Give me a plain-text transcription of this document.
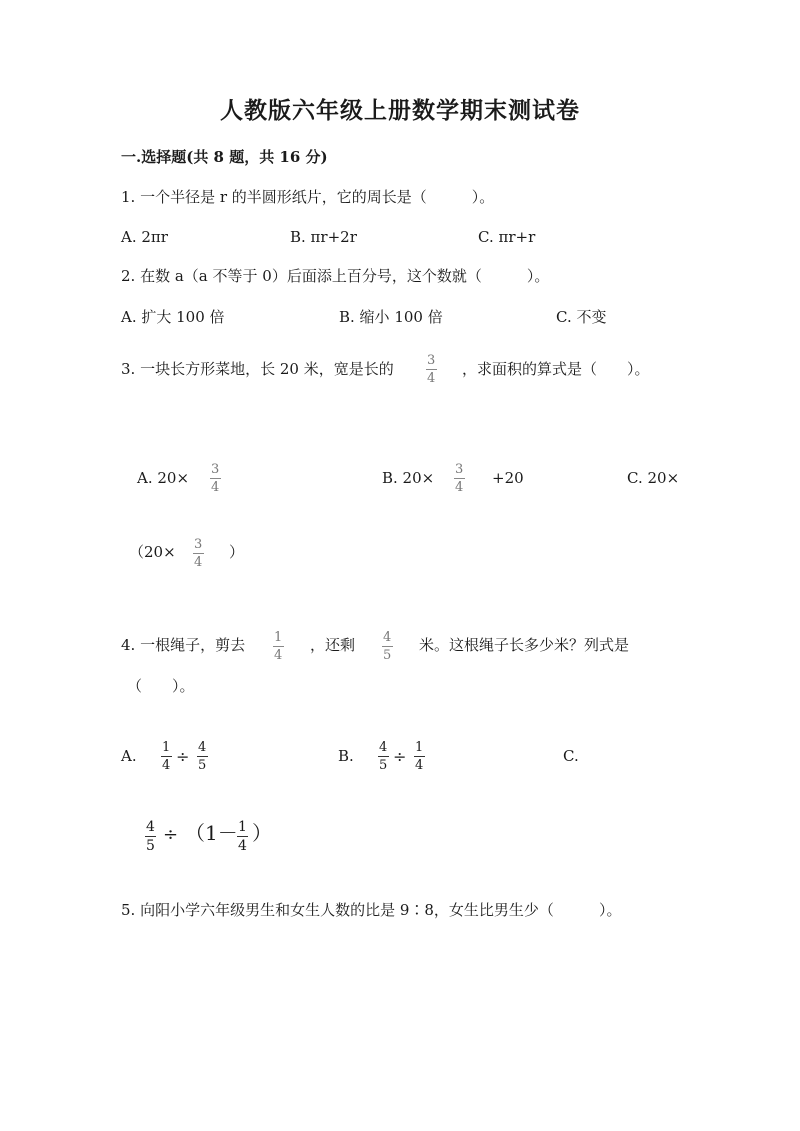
人教版六年级上册数学期末测试卷
一.选择题(共 8 题，共 16 分)
1. 一个半径是 r 的半圆形纸片，它的周长是（　　　）。
A. 2πr	B. πr+2r	C. πr+r
2. 在数 a（a 不等于 0）后面添上百分号，这个数就（　　　）。
A. 扩大 100 倍	B. 缩小 100 倍	C. 不变
3. 一块长方形菜地，长 20 米，宽是长的	3
4
，求面积的算式是（　　）。
A. 20× 3
4
B. 20× 3
4
+20	C. 20×
（20× 3
4
）
4. 一根绳子，剪去 1
4
，还剩 4
5
米。这根绳子长多少米？列式是
（　　）。
A. 1
4 ÷ 4
5
B. 4
5 ÷ 1
4
C.
4
5
÷ （1－ 1
4
）
5. 向阳小学六年级男生和女生人数的比是 9∶8，女生比男生少（　　　）。
